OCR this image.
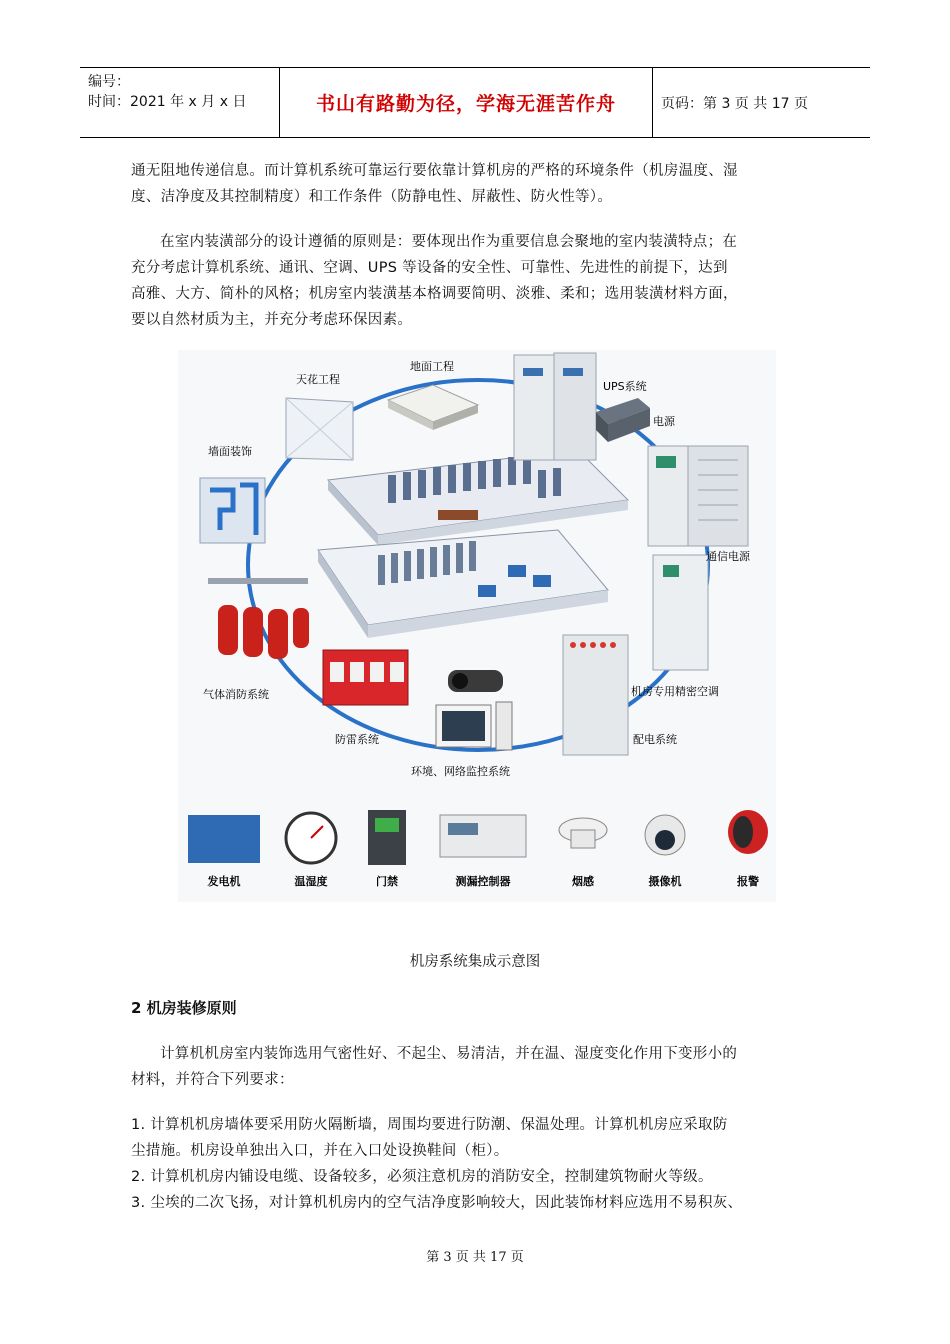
编号：
时间：2021 年 x 月 x 日	书山有路勤为径，学海无涯苦作舟	页码：第 3 页 共 17 页
通无阻地传递信息。而计算机系统可靠运行要依靠计算机房的严格的环境条件（机房温度、湿
度、洁净度及其控制精度）和工作条件（防静电性、屏蔽性、防火性等）。
在室内装潢部分的设计遵循的原则是：要体现出作为重要信息会聚地的室内装潢特点；在
充分考虑计算机系统、通讯、空调、UPS 等设备的安全性、可靠性、先进性的前提下，达到
高雅、大方、简朴的风格；机房室内装潢基本格调要简明、淡雅、柔和；选用装潢材料方面，
要以自然材质为主，并充分考虑环保因素。
天花工程
地面工程
UPS系统
电源
墙面装饰
通信电源
气体消防系统
防雷系统
环境、网络监控系统
配电系统
机房专用精密空调
发电机	温湿度	门禁	测漏控制器	烟感	摄像机	报警
机房系统集成示意图
2 机房装修原则
计算机机房室内装饰选用气密性好、不起尘、易清洁，并在温、湿度变化作用下变形小的
材料，并符合下列要求：
1. 计算机机房墙体要采用防火隔断墙，周围均要进行防潮、保温处理。计算机机房应采取防
尘措施。机房设单独出入口，并在入口处设换鞋间（柜）。
2. 计算机机房内铺设电缆、设备较多，必须注意机房的消防安全，控制建筑物耐火等级。
3. 尘埃的二次飞扬，对计算机机房内的空气洁净度影响较大，因此装饰材料应选用不易积灰、
第 3 页 共 17 页
